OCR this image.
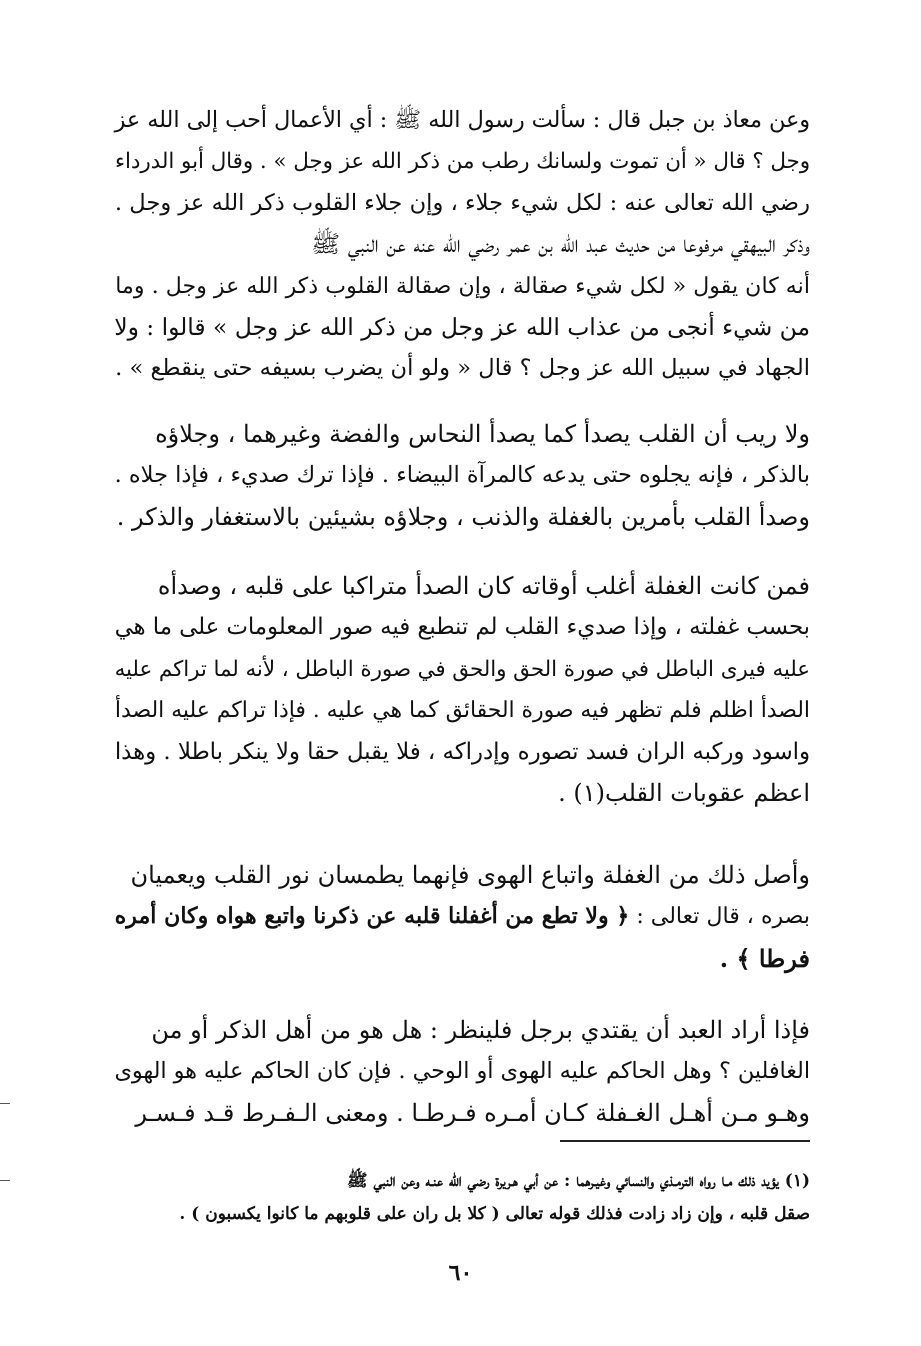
وعن معاذ بن جبل قال : سألت رسول الله ﷺ : أي الأعمال أحب إلى الله عز
وجل ؟ قال « أن تموت ولسانك رطب من ذكر الله عز وجل » . وقال أبو الدرداء
رضي الله تعالى عنه : لكل شيء جلاء ، وإن جلاء القلوب ذكر الله عز وجل .
وذكر البيهقي مرفوعا من حديث عبد الله بن عمر رضي الله عنه عن النبي ﷺ
أنه كان يقول « لكل شيء صقالة ، وإن صقالة القلوب ذكر الله عز وجل . وما
من شيء أنجى من عذاب الله عز وجل من ذكر الله عز وجل » قالوا : ولا
الجهاد في سبيل الله عز وجل ؟ قال « ولو أن يضرب بسيفه حتى ينقطع » .
ولا ريب أن القلب يصدأ كما يصدأ النحاس والفضة وغيرهما ، وجلاؤه
بالذكر ، فإنه يجلوه حتى يدعه كالمرآة البيضاء . فإذا ترك صديء ، فإذا جلاه .
وصدأ القلب بأمرين بالغفلة والذنب ، وجلاؤه بشيئين بالاستغفار والذكر .
فمن كانت الغفلة أغلب أوقاته كان الصدأ متراكبا على قلبه ، وصدأه
بحسب غفلته ، وإذا صديء القلب لم تنطبع فيه صور المعلومات على ما هي
عليه فيرى الباطل في صورة الحق والحق في صورة الباطل ، لأنه لما تراكم عليه
الصدأ اظلم فلم تظهر فيه صورة الحقائق كما هي عليه . فإذا تراكم عليه الصدأ
واسود وركبه الران فسد تصوره وإدراكه ، فلا يقبل حقا ولا ينكر باطلا . وهذا
اعظم عقوبات القلب(١) .
وأصل ذلك من الغفلة واتباع الهوى فإنهما يطمسان نور القلب ويعميان
بصره ، قال تعالى : ﴿ ولا تطع من أغفلنا قلبه عن ذكرنا واتبع هواه وكان أمره
فرطا ﴾ .
فإذا أراد العبد أن يقتدي برجل فلينظر : هل هو من أهل الذكر أو من
الغافلين ؟ وهل الحاكم عليه الهوى أو الوحي . فإن كان الحاكم عليه هو الهوى
وهـو مـن أهـل الغـفلة كـان أمـره فـرطـا . ومعنى الـفـرط قـد فـسـر
(١) يؤيد ذلك مـا رواه الترمـذي والنسائي وغيـرهما : عن أبي هـريرة رضي الله عنـه وعن النبي ﷺ
صقل قلبه ، وإن زاد زادت فذلك قوله تعالى ( كلا بل ران على قلوبهم ما كانوا يكسبون ) .
٦٠
